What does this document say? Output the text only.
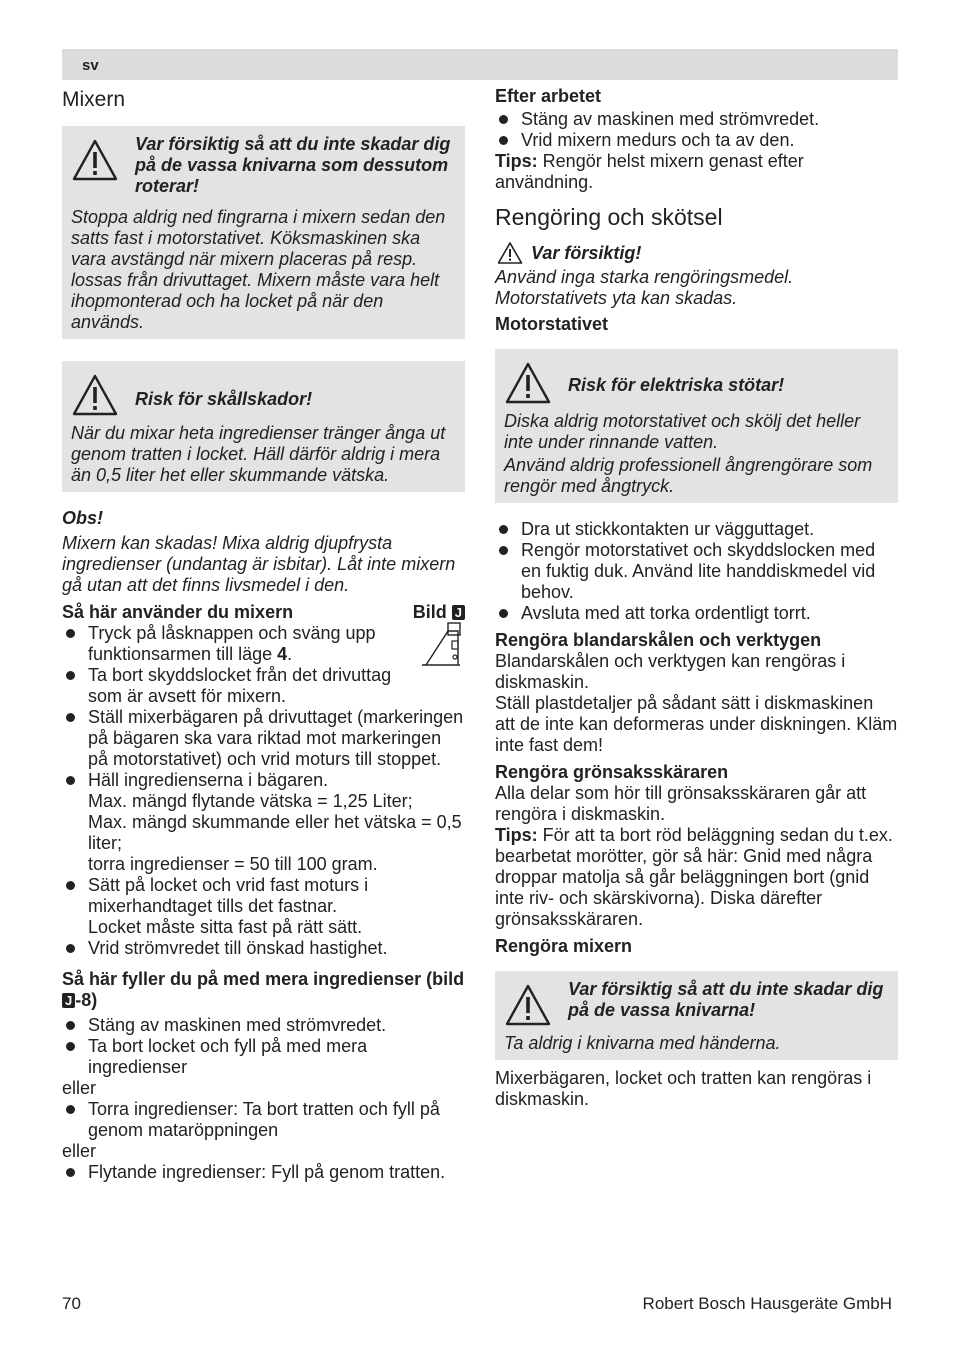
sv
Mixern
Var försiktig så att du inte skadar dig på de vassa knivarna som dessutom roterar!

Stoppa aldrig ned fingrarna i mixern sedan den satts fast i motorstativet. Köksmaskinen ska vara avstängd när mixern placeras på resp. lossas från drivuttaget. Mixern måste vara helt ihopmonterad och ha locket på när den används.

Risk för skållskador!

När du mixar heta ingredienser tränger ånga ut genom tratten i locket. Häll därför aldrig i mera än 0,5 liter het eller skummande vätska.

Obs!

Mixern kan skadas! Mixa aldrig djupfrysta ingredienser (undantag är isbitar). Låt inte mixern gå utan att det finns livsmedel i den.

Så här använder du mixern	Bild J
Tryck på låsknappen och sväng upp funktionsarmen till läge 4.
Ta bort skyddslocket från det drivuttag som är avsett för mixern.
Ställ mixerbägaren på drivuttaget (markeringen på bägaren ska vara riktad mot markeringen på motorstativet) och vrid moturs till stoppet.
Häll ingredienserna i bägaren.
Max. mängd flytande vätska = 1,25 Liter;
Max. mängd skummande eller het vätska = 0,5 liter;
torra ingredienser = 50 till 100 gram.
Sätt på locket och vrid fast moturs i mixerhandtaget tills det fastnar.
Locket måste sitta fast på rätt sätt.
Vrid strömvredet till önskad hastighet.
Så här fyller du på med mera ingredienser (bild J -8)
Stäng av maskinen med strömvredet.
Ta bort locket och fyll på med mera ingredienser
eller
Torra ingredienser: Ta bort tratten och fyll på genom mataröppningen
eller
Flytande ingredienser: Fyll på genom tratten.
Efter arbetet
Stäng av maskinen med strömvredet.
Vrid mixern medurs och ta av den.

Tips: Rengör helst mixern genast efter användning.

Rengöring och skötsel
Var försiktig!

Använd inga starka rengöringsmedel. Motorstativets yta kan skadas.

Motorstativet
Risk för elektriska stötar!

Diska aldrig motorstativet och skölj det heller inte under rinnande vatten.

Använd aldrig professionell ångrengörare som rengör med ångtryck.

Dra ut stickkontakten ur vägguttaget.
Rengör motorstativet och skyddslocken med en fuktig duk. Använd lite handdiskmedel vid behov.
Avsluta med att torka ordentligt torrt.
Rengöra blandarskålen och verktygen

Blandarskålen och verktygen kan rengöras i diskmaskin.

Ställ plastdetaljer på sådant sätt i diskmaskinen att de inte kan deformeras under diskningen. Kläm inte fast dem!

Rengöra grönsaksskäraren

Alla delar som hör till grönsaksskäraren går att rengöra i diskmaskin.

Tips: För att ta bort röd beläggning sedan du t.ex. bearbetat morötter, gör så här: Gnid med några droppar matolja så går beläggningen bort (gnid inte riv- och skärskivorna). Diska därefter grönsaksskäraren.

Rengöra mixern
Var försiktig så att du inte skadar dig på de vassa knivarna!

Ta aldrig i knivarna med händerna.

Mixerbägaren, locket och tratten kan rengöras i diskmaskin.

70	Robert Bosch Hausgeräte GmbH
